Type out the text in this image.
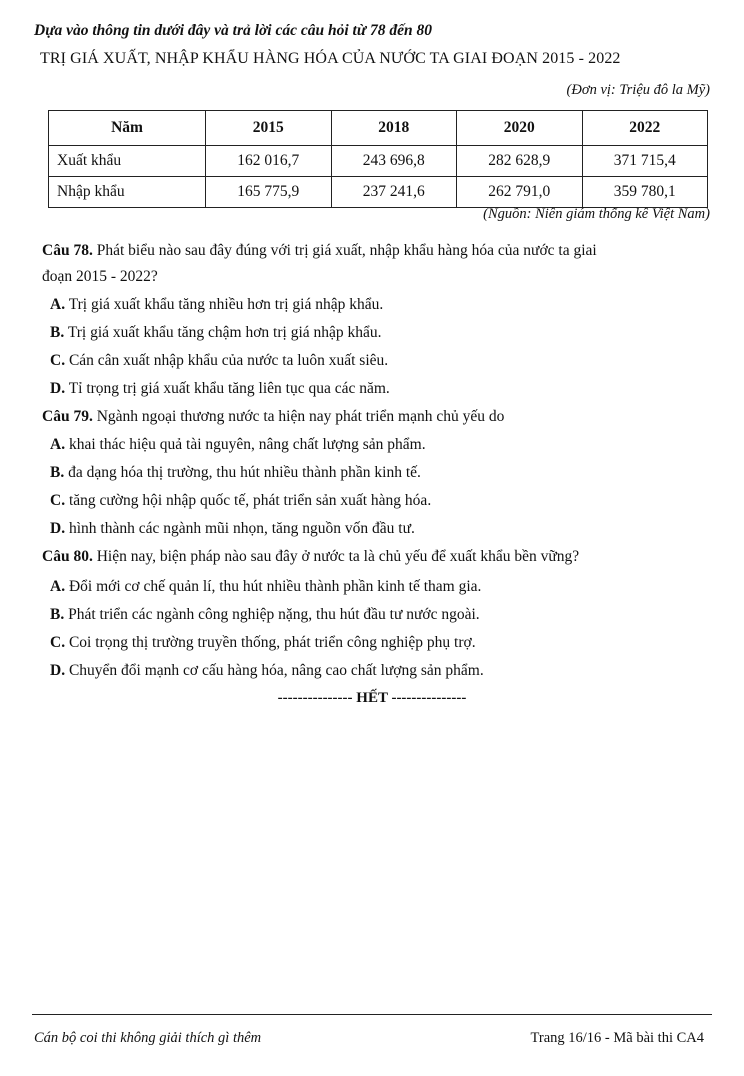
Dựa vào thông tin dưới đây và trả lời các câu hỏi từ 78 đến 80
TRỊ GIÁ XUẤT, NHẬP KHẨU HÀNG HÓA CỦA NƯỚC TA GIAI ĐOẠN 2015 - 2022
(Đơn vị: Triệu đô la Mỹ)
Năm	2015	2018	2020	2022
Xuất khẩu	162 016,7	243 696,8	282 628,9	371 715,4
Nhập khẩu	165 775,9	237 241,6	262 791,0	359 780,1
(Nguồn: Niên giám thống kê Việt Nam)
Câu 78. Phát biểu nào sau đây đúng với trị giá xuất, nhập khẩu hàng hóa của nước ta giai
đoạn 2015 - 2022?
A. Trị giá xuất khẩu tăng nhiều hơn trị giá nhập khẩu.
B. Trị giá xuất khẩu tăng chậm hơn trị giá nhập khẩu.
C. Cán cân xuất nhập khẩu của nước ta luôn xuất siêu.
D. Tỉ trọng trị giá xuất khẩu tăng liên tục qua các năm.
Câu 79. Ngành ngoại thương nước ta hiện nay phát triển mạnh chủ yếu do
A. khai thác hiệu quả tài nguyên, nâng chất lượng sản phẩm.
B. đa dạng hóa thị trường, thu hút nhiều thành phần kinh tế.
C. tăng cường hội nhập quốc tế, phát triển sản xuất hàng hóa.
D. hình thành các ngành mũi nhọn, tăng nguồn vốn đầu tư.
Câu 80. Hiện nay, biện pháp nào sau đây ở nước ta là chủ yếu để xuất khẩu bền vững?
A. Đổi mới cơ chế quản lí, thu hút nhiều thành phần kinh tế tham gia.
B. Phát triển các ngành công nghiệp nặng, thu hút đầu tư nước ngoài.
C. Coi trọng thị trường truyền thống, phát triển công nghiệp phụ trợ.
D. Chuyển đổi mạnh cơ cấu hàng hóa, nâng cao chất lượng sản phẩm.
--------------- HẾT ---------------
Cán bộ coi thi không giải thích gì thêm	Trang 16/16 - Mã bài thi CA4
